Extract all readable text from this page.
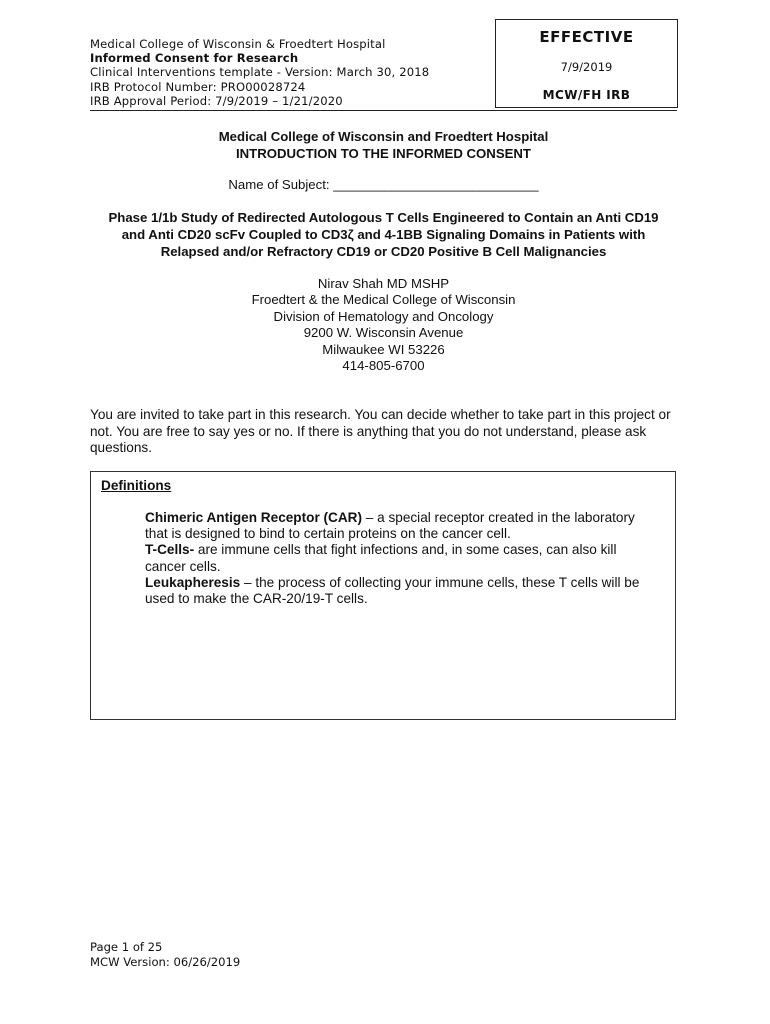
Medical College of Wisconsin & Froedtert Hospital
Informed Consent for Research
Clinical Interventions template - Version: March 30, 2018
IRB Protocol Number: PRO00028724
IRB Approval Period: 7/9/2019 – 1/21/2020
EFFECTIVE
7/9/2019
MCW/FH IRB
Medical College of Wisconsin and Froedtert Hospital
INTRODUCTION TO THE INFORMED CONSENT
Name of Subject: ____________________________
Phase 1/1b Study of Redirected Autologous T Cells Engineered to Contain an Anti CD19
and Anti CD20 scFv Coupled to CD3ζ and 4-1BB Signaling Domains in Patients with
Relapsed and/or Refractory CD19 or CD20 Positive B Cell Malignancies
Nirav Shah MD MSHP
Froedtert & the Medical College of Wisconsin
Division of Hematology and Oncology
9200 W. Wisconsin Avenue
Milwaukee WI 53226
414-805-6700
You are invited to take part in this research. You can decide whether to take part in this project or not. You are free to say yes or no. If there is anything that you do not understand, please ask questions.
Definitions
Chimeric Antigen Receptor (CAR) – a special receptor created in the laboratory that is designed to bind to certain proteins on the cancer cell.
T-Cells- are immune cells that fight infections and, in some cases, can also kill cancer cells.
Leukapheresis – the process of collecting your immune cells, these T cells will be used to make the CAR-20/19-T cells.
Page 1 of 25
MCW Version: 06/26/2019
